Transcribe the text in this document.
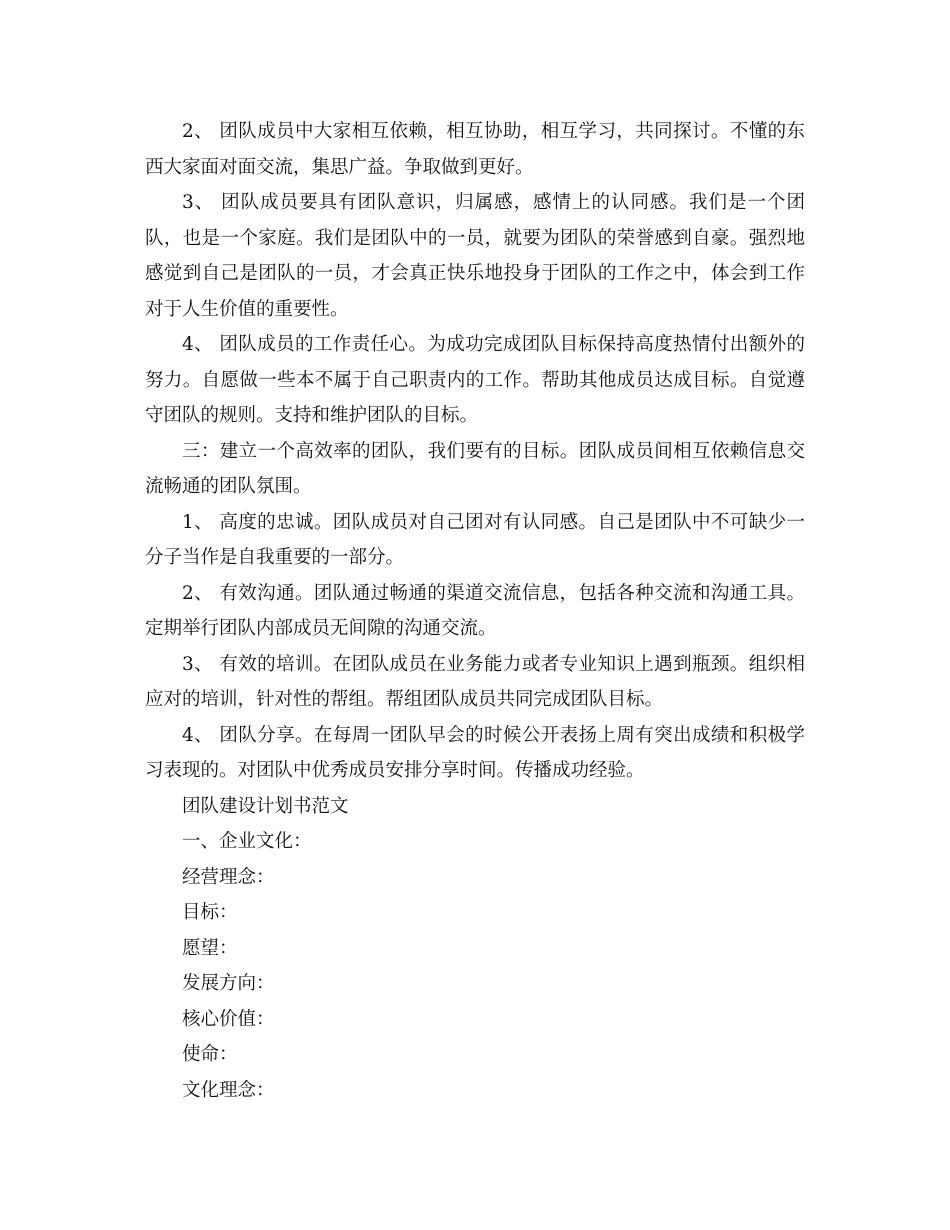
2、 团队成员中大家相互依赖，相互协助，相互学习，共同探讨。不懂的东西大家面对面交流，集思广益。争取做到更好。

3、 团队成员要具有团队意识，归属感，感情上的认同感。我们是一个团队，也是一个家庭。我们是团队中的一员，就要为团队的荣誉感到自豪。强烈地感觉到自己是团队的一员，才会真正快乐地投身于团队的工作之中，体会到工作对于人生价值的重要性。

4、 团队成员的工作责任心。为成功完成团队目标保持高度热情付出额外的努力。自愿做一些本不属于自己职责内的工作。帮助其他成员达成目标。自觉遵守团队的规则。支持和维护团队的目标。

三：建立一个高效率的团队，我们要有的目标。团队成员间相互依赖信息交流畅通的团队氛围。

1、 高度的忠诚。团队成员对自己团对有认同感。自己是团队中不可缺少一分子当作是自我重要的一部分。

2、 有效沟通。团队通过畅通的渠道交流信息，包括各种交流和沟通工具。定期举行团队内部成员无间隙的沟通交流。

3、 有效的培训。在团队成员在业务能力或者专业知识上遇到瓶颈。组织相应对的培训，针对性的帮组。帮组团队成员共同完成团队目标。

4、 团队分享。在每周一团队早会的时候公开表扬上周有突出成绩和积极学习表现的。对团队中优秀成员安排分享时间。传播成功经验。

团队建设计划书范文

一、企业文化：

经营理念：

目标：

愿望：

发展方向：

核心价值：

使命：

文化理念：
